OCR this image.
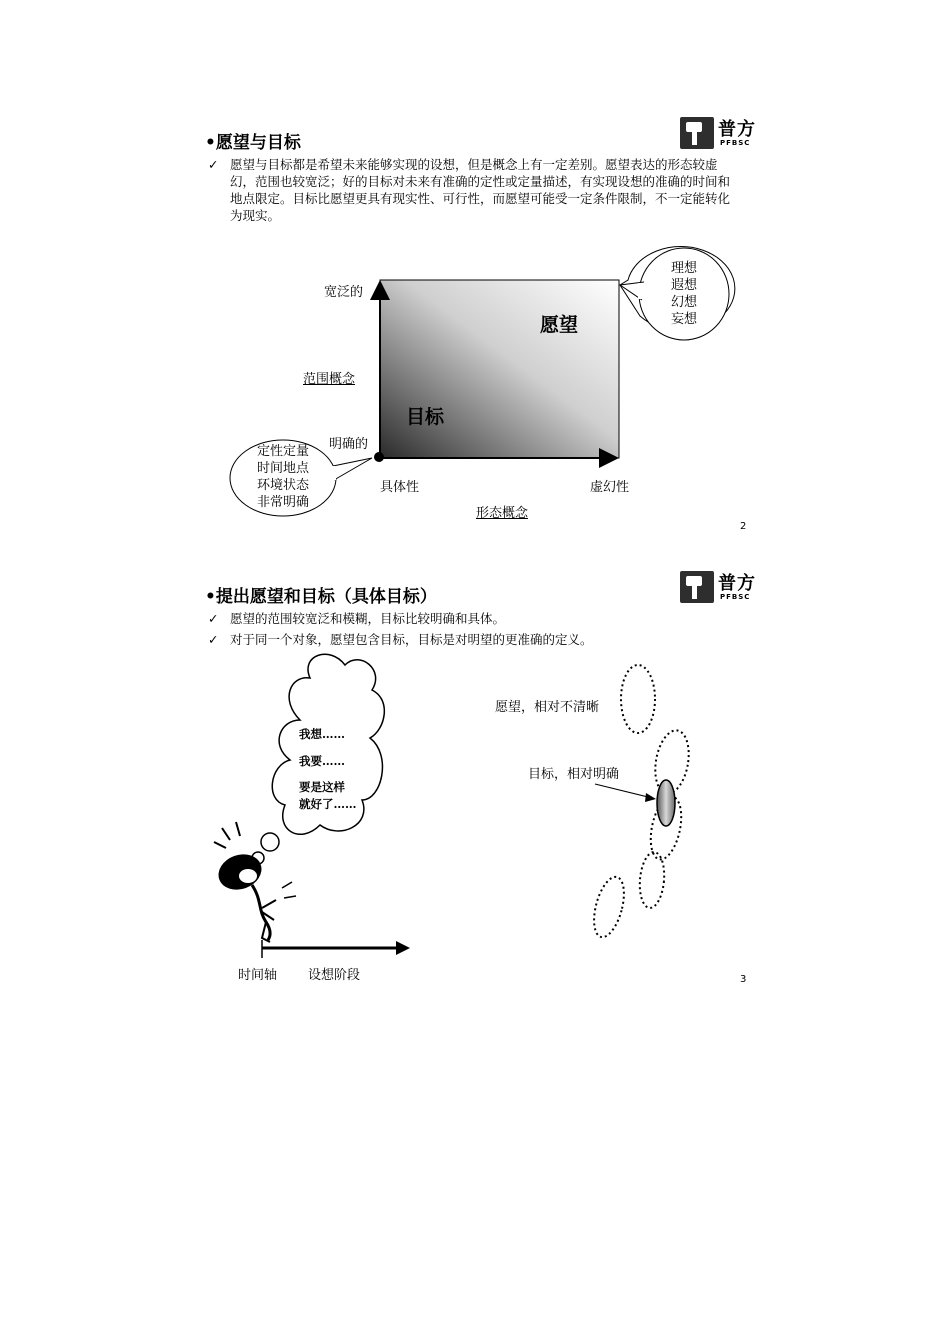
•愿望与目标
普方
PFBSC
✓ 愿望与目标都是希望未来能够实现的设想，但是概念上有一定差别。愿望表达的形态较虚幻，范围也较宽泛；好的目标对未来有准确的定性或定量描述，有实现设想的准确的时间和地点限定。目标比愿望更具有现实性、可行性，而愿望可能受一定条件限制，不一定能转化为现实。
宽泛的
范围概念
明确的
具体性	虚幻性
形态概念
愿望
目标
理想
遐想
幻想
妄想
定性定量
时间地点
环境状态
非常明确
2
•提出愿望和目标（具体目标）
普方
PFBSC
✓ 愿望的范围较宽泛和模糊，目标比较明确和具体。
✓ 对于同一个对象，愿望包含目标，目标是对明望的更准确的定义。
我想……
我要……
要是这样
就好了……
时间轴 设想阶段
愿望，相对不清晰
目标，相对明确
3
